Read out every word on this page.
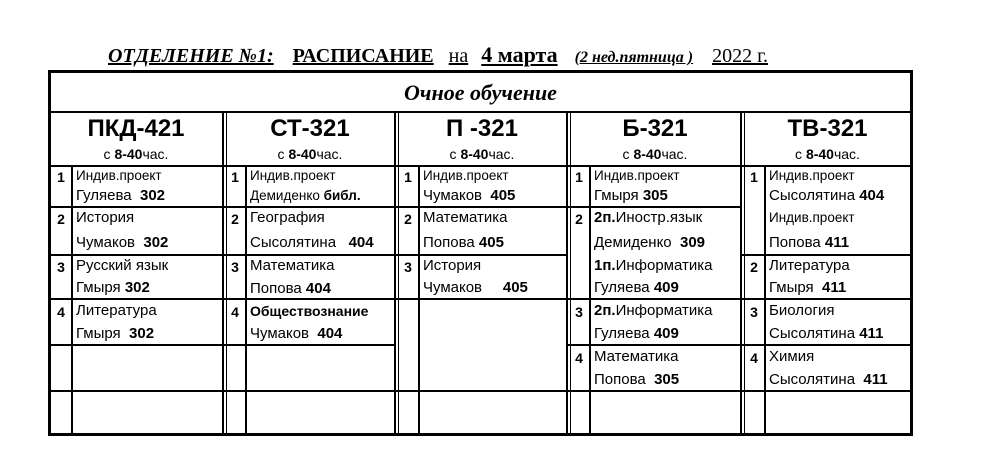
ОТДЕЛЕНИЕ №1: РАСПИСАНИЕ на 4 марта (2 нед.пятница ) 2022 г.
Очное обучение
ПКД-421
с 8-40час.
СТ-321
с 8-40час.
П -321
с 8-40час.
Б-321
с 8-40час.
ТВ-321
с 8-40час.
1 Индив.проект
Гуляева 302
2 История
Чумаков 302
3 Русский язык
Гмыря 302
4 Литература
Гмыря 302
1 Индив.проект
Демиденко библ.
2 География
Сысолятина 404
3 Математика
Попова 404
4 Обществознание
Чумаков 404
1 Индив.проект
Чумаков 405
2 Математика
Попова 405
3 История
Чумаков 405
1 Индив.проект
Гмыря 305
2 2п.Иностр.язык
Демиденко 309
1п.Информатика
Гуляева 409
3 2п.Информатика
Гуляева 409
4 Математика
Попова 305
1 Индив.проект
Сысолятина 404
Индив.проект
Попова 411
2 Литература
Гмыря 411
3 Биология
Сысолятина 411
4 Химия
Сысолятина 411
